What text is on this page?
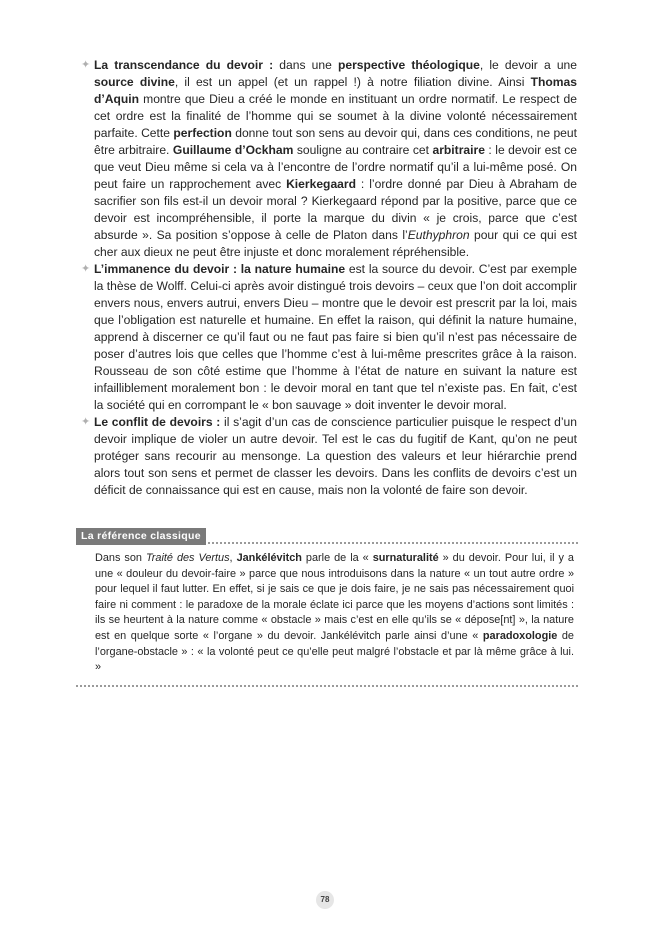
✦ La transcendance du devoir : dans une perspective théologique, le devoir a une source divine, il est un appel (et un rappel !) à notre filiation divine. Ainsi Thomas d’Aquin montre que Dieu a créé le monde en instituant un ordre normatif. Le respect de cet ordre est la finalité de l’homme qui se soumet à la divine volonté nécessairement parfaite. Cette perfection donne tout son sens au devoir qui, dans ces conditions, ne peut être arbitraire. Guillaume d’Ockham souligne au contraire cet arbitraire : le devoir est ce que veut Dieu même si cela va à l’encontre de l’ordre normatif qu’il a lui-même posé. On peut faire un rapprochement avec Kierkegaard : l’ordre donné par Dieu à Abraham de sacrifier son fils est-il un devoir moral ? Kierkegaard répond par la positive, parce que ce devoir est incompréhensible, il porte la marque du divin « je crois, parce que c’est absurde ». Sa position s’oppose à celle de Platon dans l’Euthyphron pour qui ce qui est cher aux dieux ne peut être injuste et donc moralement répréhensible.
✦ L’immanence du devoir : la nature humaine est la source du devoir. C’est par exemple la thèse de Wolff. Celui-ci après avoir distingué trois devoirs – ceux que l’on doit accomplir envers nous, envers autrui, envers Dieu – montre que le devoir est prescrit par la loi, mais que l’obligation est naturelle et humaine. En effet la raison, qui définit la nature humaine, apprend à discerner ce qu’il faut ou ne faut pas faire si bien qu’il n’est pas nécessaire de poser d’autres lois que celles que l’homme c’est à lui-même prescrites grâce à la raison. Rousseau de son côté estime que l’homme à l’état de nature en suivant la nature est infailliblement moralement bon : le devoir moral en tant que tel n’existe pas. En fait, c’est la société qui en corrompant le « bon sauvage » doit inventer le devoir moral.
✦ Le conflit de devoirs : il s’agit d’un cas de conscience particulier puisque le respect d’un devoir implique de violer un autre devoir. Tel est le cas du fugitif de Kant, qu’on ne peut protéger sans recourir au mensonge. La question des valeurs et leur hiérarchie prend alors tout son sens et permet de classer les devoirs. Dans les conflits de devoirs c’est un déficit de connaissance qui est en cause, mais non la volonté de faire son devoir.
La référence classique
Dans son Traité des Vertus, Jankélévitch parle de la « surnaturalité » du devoir. Pour lui, il y a une « douleur du devoir-faire » parce que nous introduisons dans la nature « un tout autre ordre » pour lequel il faut lutter. En effet, si je sais ce que je dois faire, je ne sais pas nécessairement quoi faire ni comment : le paradoxe de la morale éclate ici parce que les moyens d’actions sont limités : ils se heurtent à la nature comme « obstacle » mais c’est en elle qu’ils se « dépose[nt] », la nature est en quelque sorte « l’organe » du devoir. Jankélévitch parle ainsi d’une « paradoxologie de l’organe-obstacle » : « la volonté peut ce qu’elle peut malgré l’obstacle et par là même grâce à lui. »
78
